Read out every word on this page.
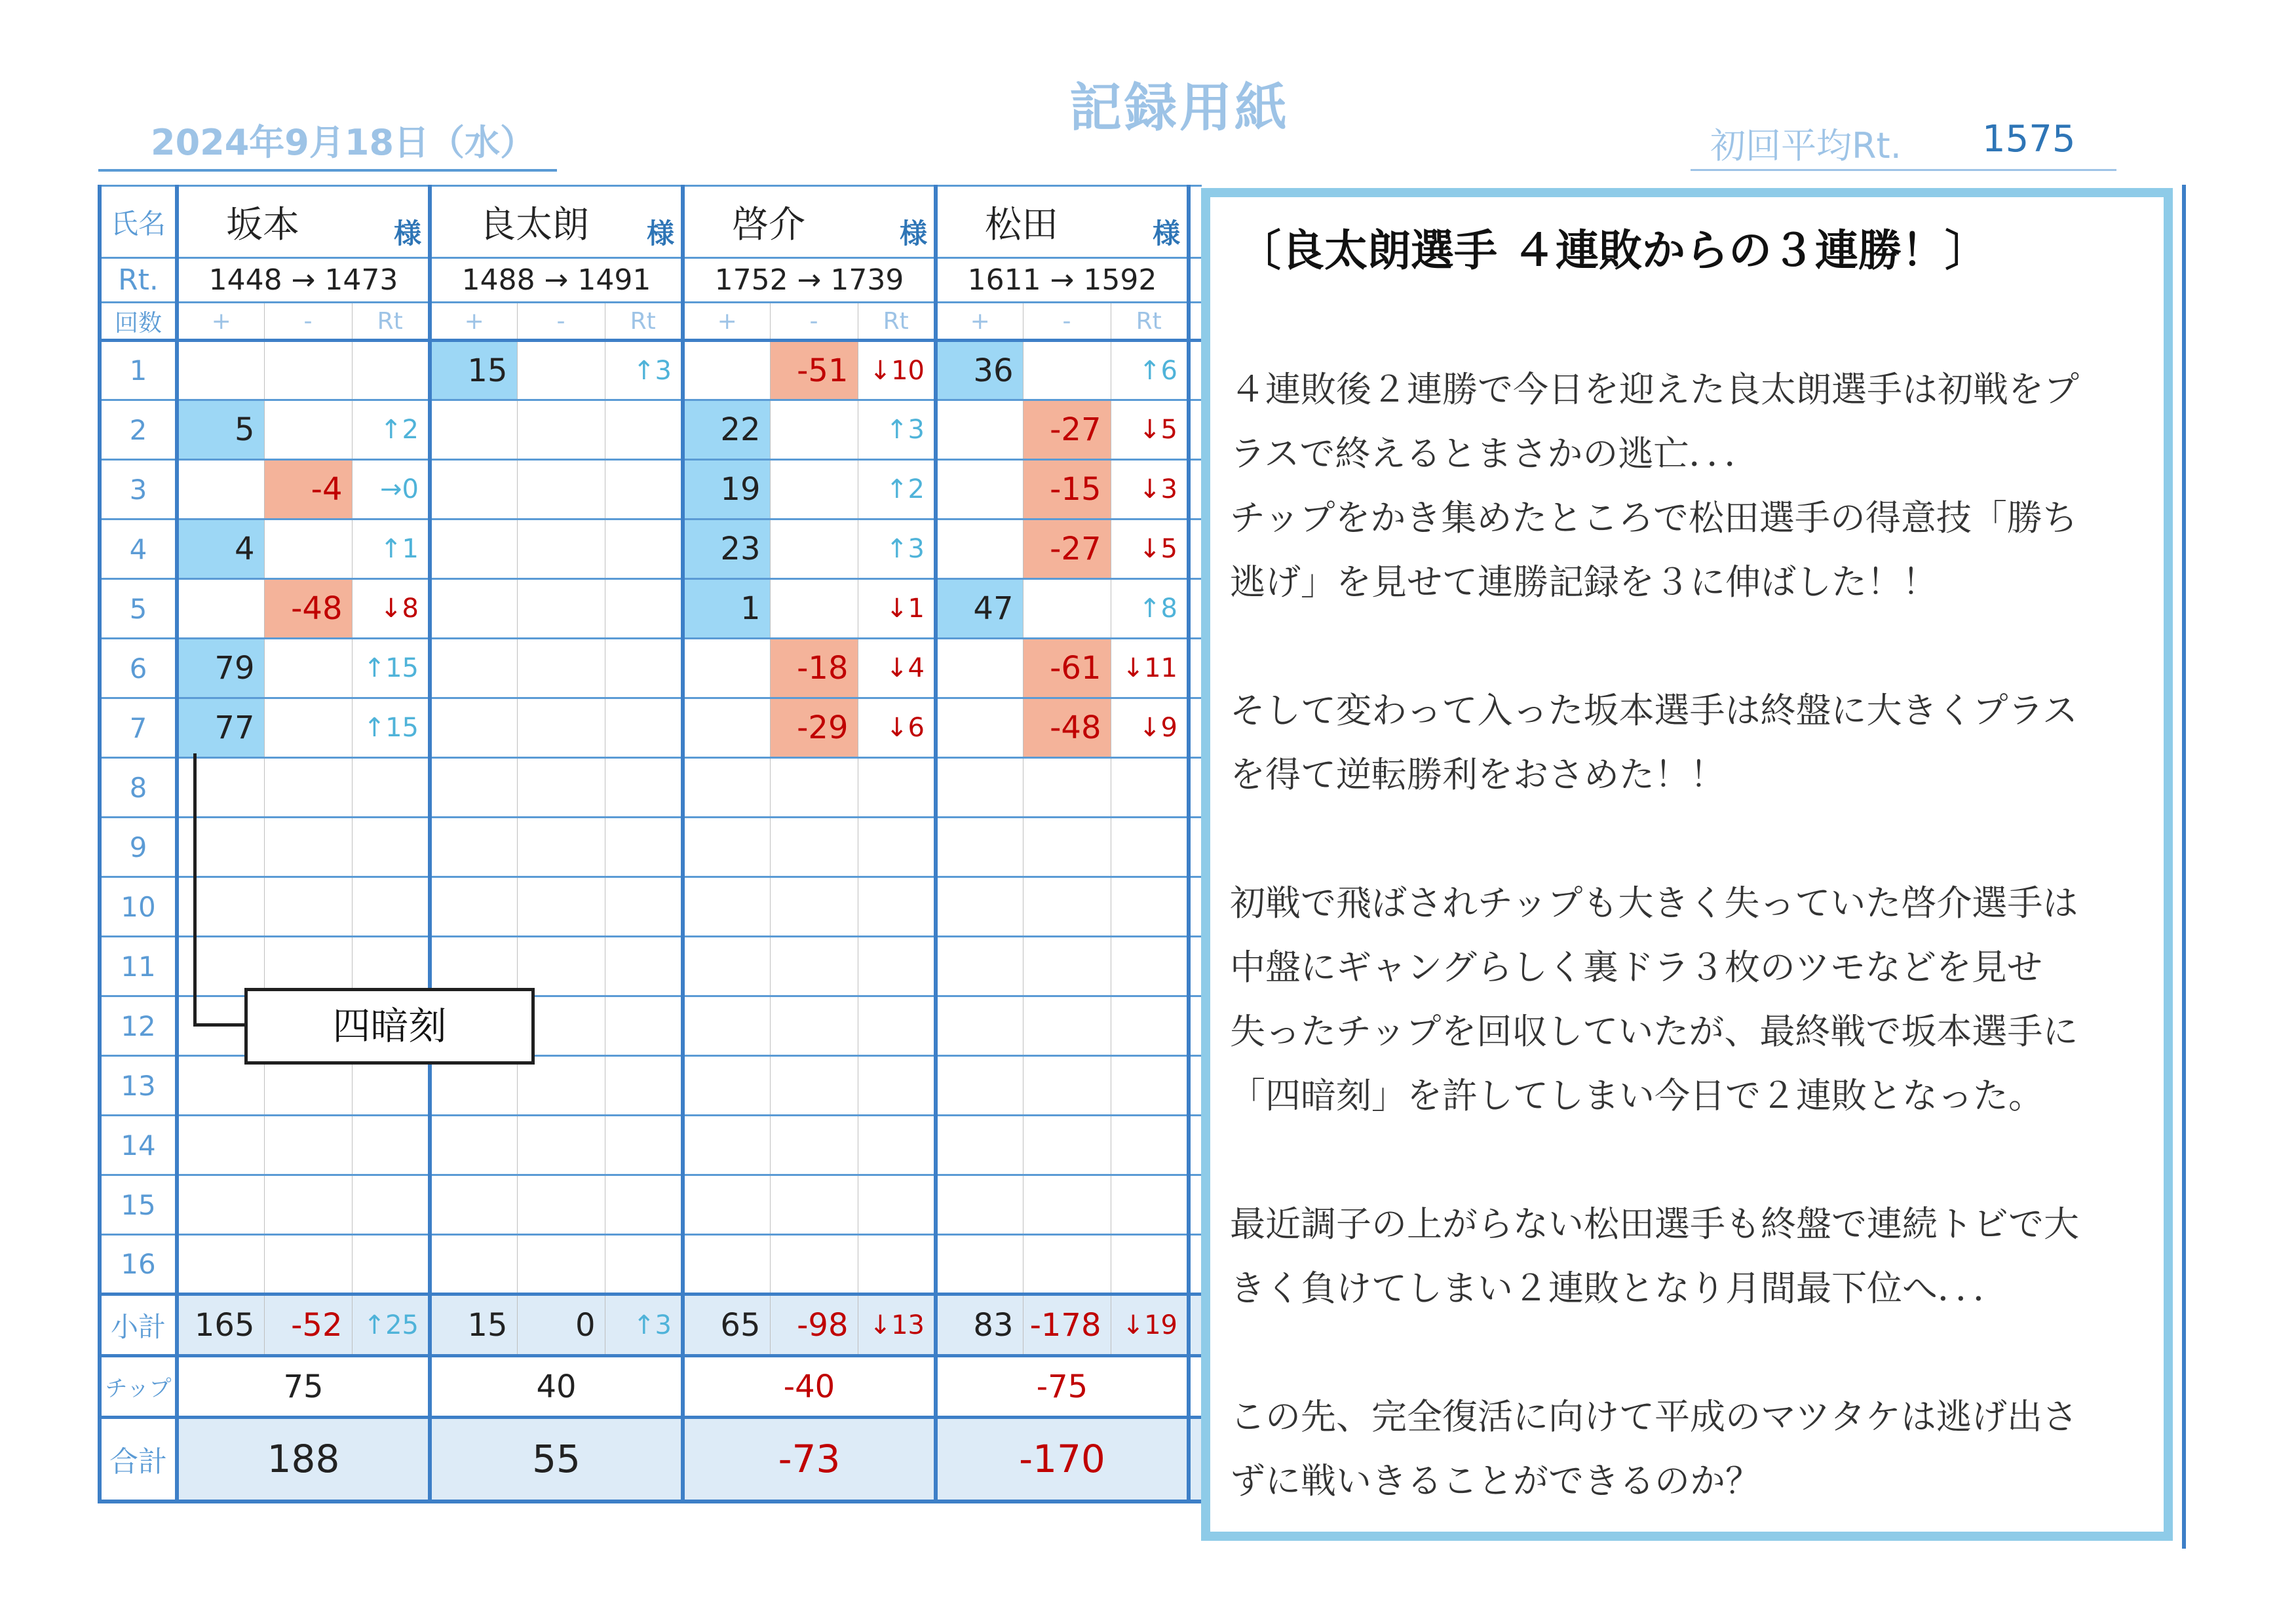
記録用紙
2024年9月18日（水）	初回平均Rt. 1575
氏名	坂本 様			良太朗 様			啓介 様			松田 様			

Rt.	1448 → 1473			1488 → 1491			1752 → 1739			1611 → 1592			
回数	+	-	Rt	+	-	Rt	+	-	Rt	+	-	Rt	
1				15		↑3		-51	↓10	36		↑6	
2	5		↑2				22		↑3		-27	↓5	
3		-4	→0				19		↑2		-15	↓3	
4	4		↑1				23		↑3		-27	↓5	
5		-48	↓8				1		↓1	47		↑8	
6	79		↑15					-18	↓4		-61	↓11	
7	77		↑15					-29	↓6		-48	↓9	
8													
9													
10													
11													
12													
13													
14													
15													
16													
小計	165	-52	↑25	15	0	↑3	65	-98	↓13	83	-178	↓19	
チップ	75			40			-40			-75			
合計	188			55			-73			-170			
四暗刻
〔良太朗選手 ４連敗からの３連勝！〕

４連敗後２連勝で今日を迎えた良太朗選手は初戦をプ

ラスで終えるとまさかの逃亡．．．

チップをかき集めたところで松田選手の得意技「勝ち

逃げ」を見せて連勝記録を３に伸ばした！！

そして変わって入った坂本選手は終盤に大きくプラス

を得て逆転勝利をおさめた！！

初戦で飛ばされチップも大きく失っていた啓介選手は

中盤にギャングらしく裏ドラ３枚のツモなどを見せ

失ったチップを回収していたが、最終戦で坂本選手に

「四暗刻」を許してしまい今日で２連敗となった。

最近調子の上がらない松田選手も終盤で連続トビで大

きく負けてしまい２連敗となり月間最下位へ．．．

この先、完全復活に向けて平成のマツタケは逃げ出さ

ずに戦いきることができるのか？
